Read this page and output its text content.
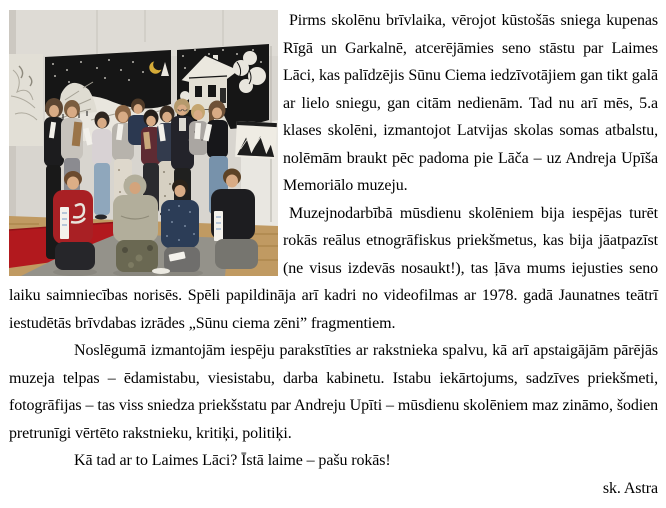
Pirms skolēnu brīvlaika, vērojot kūstošās sniega kupenas Rīgā un Garkalnē, atcerējāmies seno stāstu par Laimes Lāci, kas palīdzējis Sūnu Ciema iedzīvotājiem gan tikt galā ar lielo sniegu, gan citām nedienām. Tad nu arī mēs, 5.a klases skolēni, izmantojot Latvijas skolas somas atbalstu, nolēmām braukt pēc padoma pie Lāča – uz Andreja Upīša Memoriālo muzeju.

Muzejnodarbībā mūsdienu skolēniem bija iespējas turēt rokās reālus etnogrāfiskus priekšmetus, kas bija jāatpazīst (ne visus izdevās nosaukt!), tas ļāva mums iejusties seno laiku saimniecības norisēs. Spēli papildināja arī kadri no videofilmas ar 1978. gadā Jaunatnes teātrī iestudētās brīvdabas izrādes „Sūnu ciema zēni” fragmentiem.

Noslēgumā izmantojām iespēju parakstīties ar rakstnieka spalvu, kā arī apstaigājām pārējās muzeja telpas – ēdamistabu, viesistabu, darba kabinetu. Istabu iekārtojums, sadzīves priekšmeti, fotogrāfijas – tas viss sniedza priekšstatu par Andreju Upīti – mūsdienu skolēniem maz zināmo, šodien pretrunīgi vērtēto rakstnieku, kritiķi, politiķi.

Kā tad ar to Laimes Lāci? Īstā laime – pašu rokās!

sk. Astra
